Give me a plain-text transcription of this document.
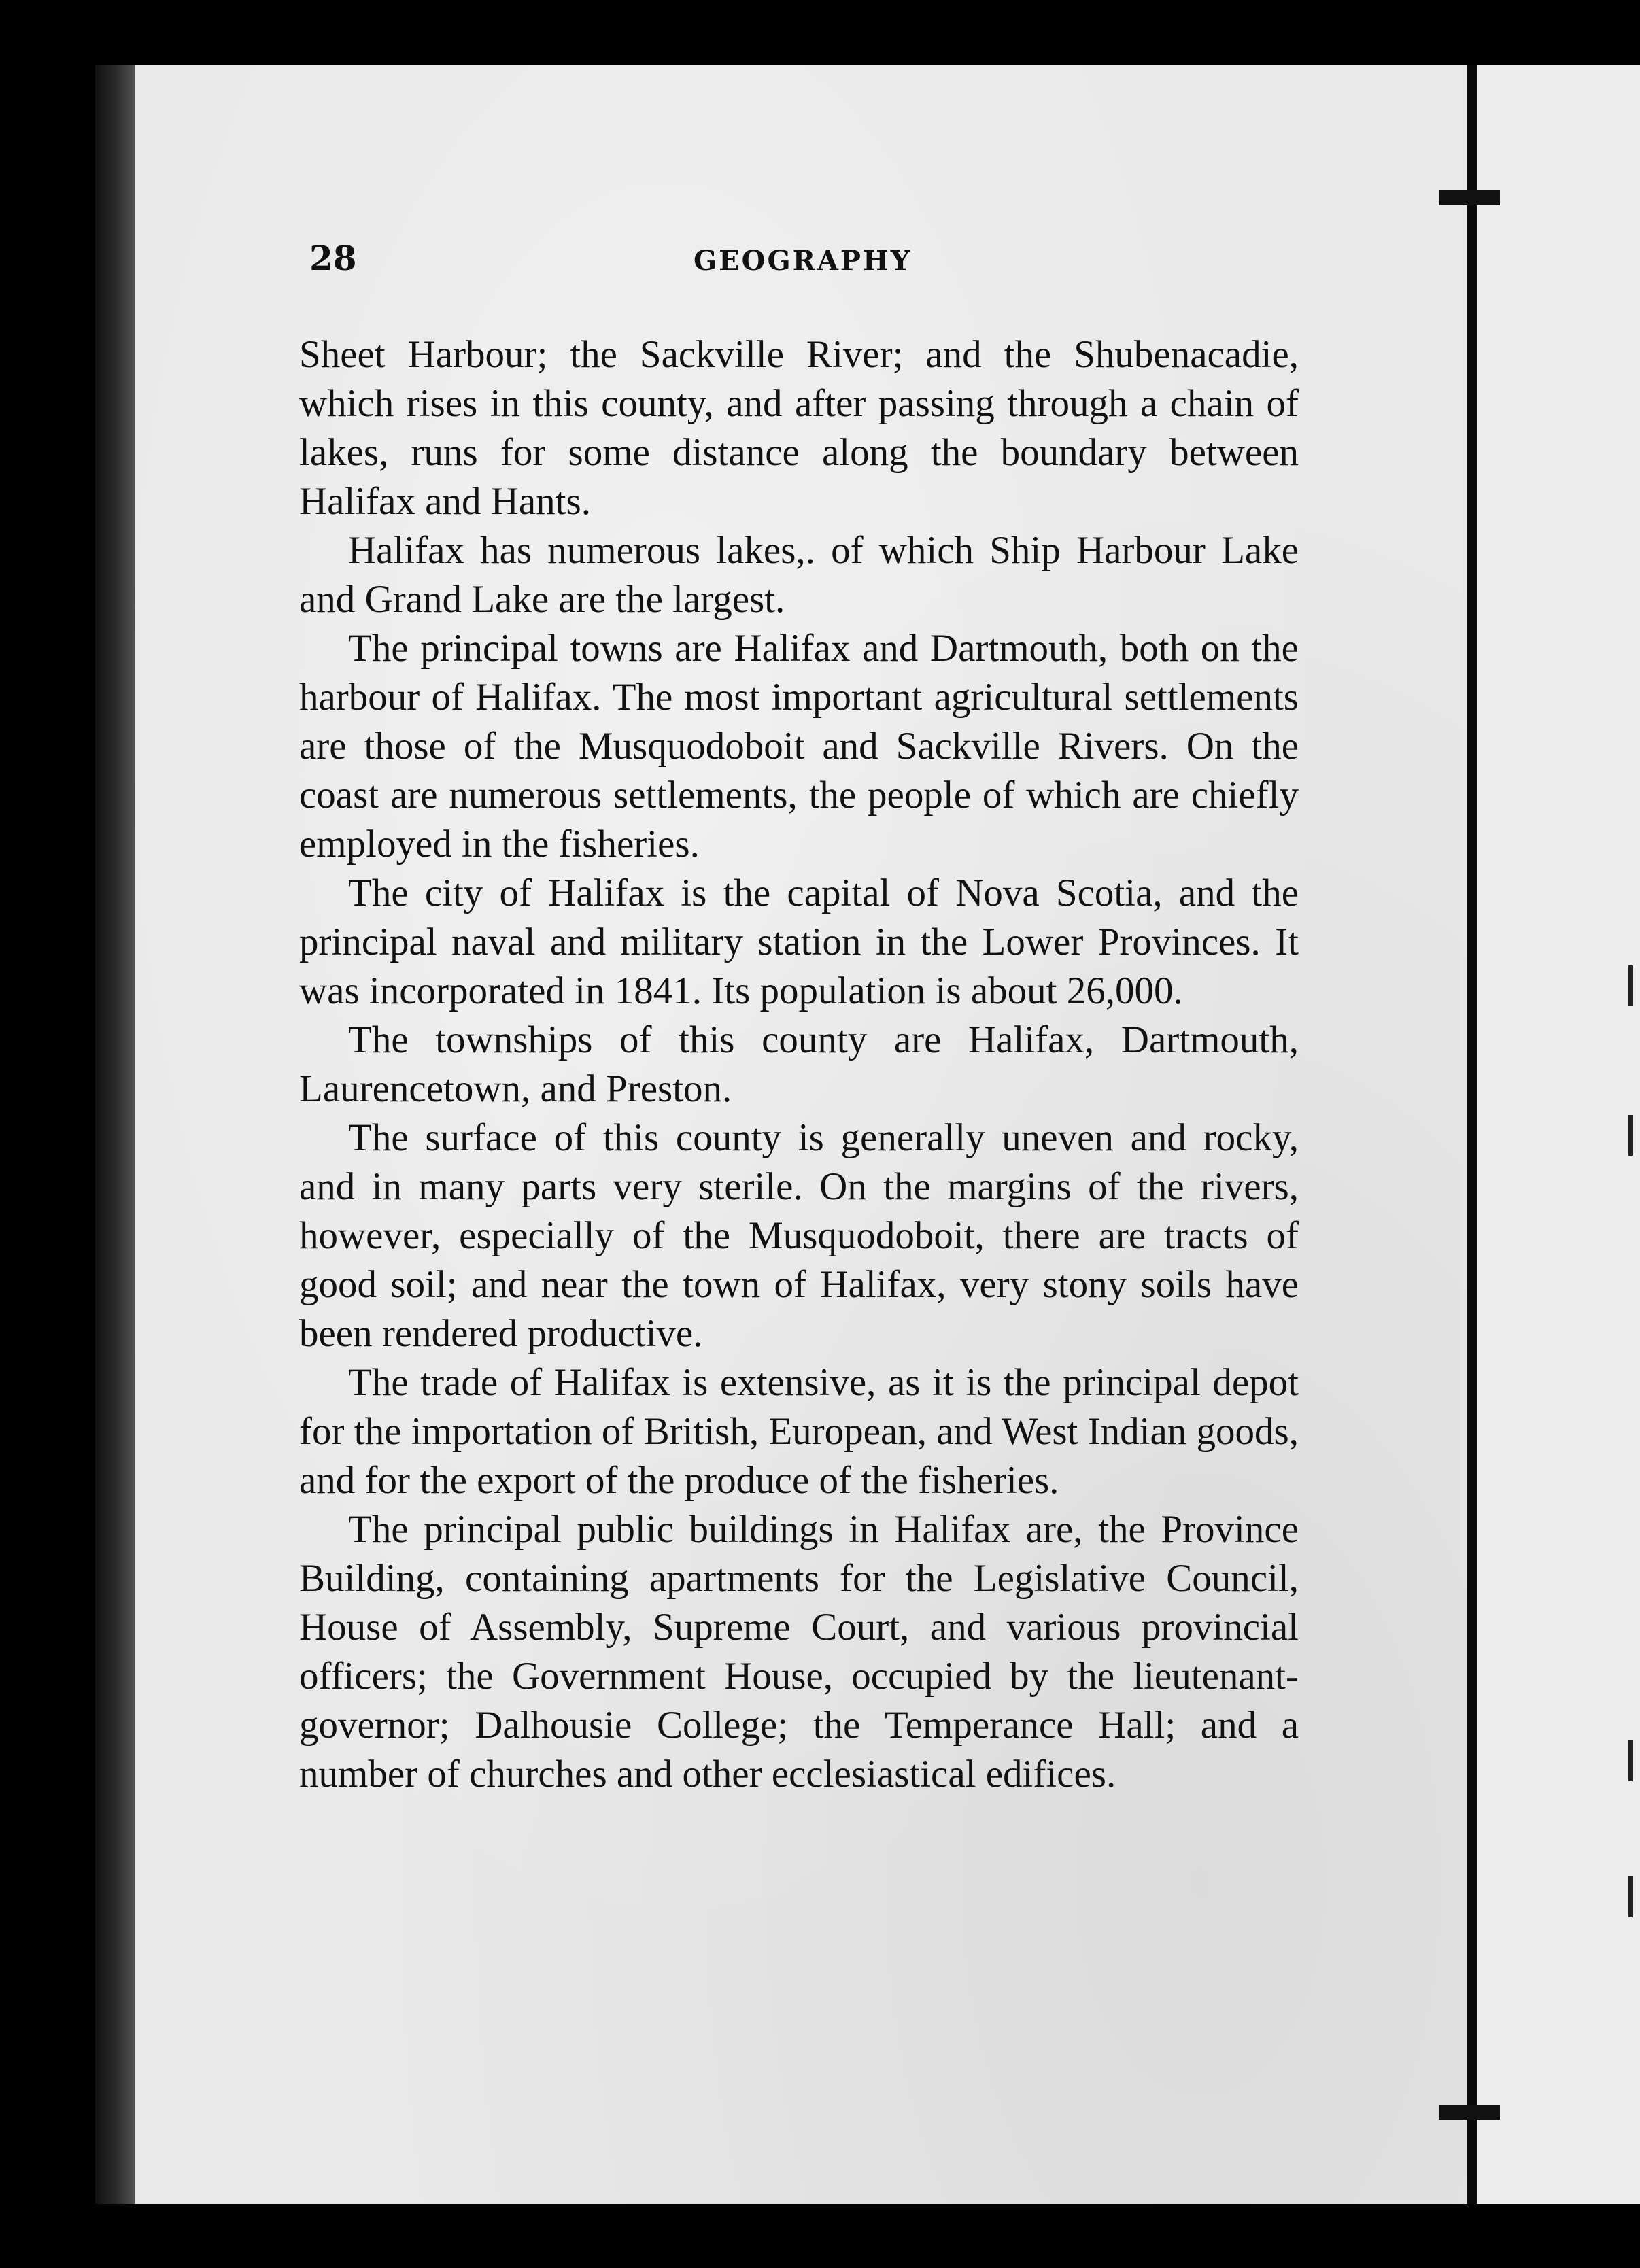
28	GEOGRAPHY

Sheet Harbour; the Sackville River; and the Shubenacadie, which rises in this county, and after passing through a chain of lakes, runs for some distance along the boundary between Halifax and Hants.

Halifax has numerous lakes,. of which Ship Harbour Lake and Grand Lake are the largest.

The principal towns are Halifax and Dartmouth, both on the harbour of Halifax. The most important agricultural settlements are those of the Musquodoboit and Sackville Rivers. On the coast are numerous settlements, the people of which are chiefly employed in the fisheries.

The city of Halifax is the capital of Nova Scotia, and the principal naval and military station in the Lower Provinces. It was incorporated in 1841. Its population is about 26,000.

The townships of this county are Halifax, Dartmouth, Laurencetown, and Preston.

The surface of this county is generally uneven and rocky, and in many parts very sterile. On the margins of the rivers, however, especially of the Musquodoboit, there are tracts of good soil; and near the town of Halifax, very stony soils have been rendered productive.

The trade of Halifax is extensive, as it is the principal depot for the importation of British, European, and West Indian goods, and for the export of the produce of the fisheries.

The principal public buildings in Halifax are, the Province Building, containing apartments for the Legislative Council, House of Assembly, Supreme Court, and various provincial officers; the Government House, occupied by the lieutenant-governor; Dalhousie College; the Temperance Hall; and a number of churches and other ecclesiastical edifices.
